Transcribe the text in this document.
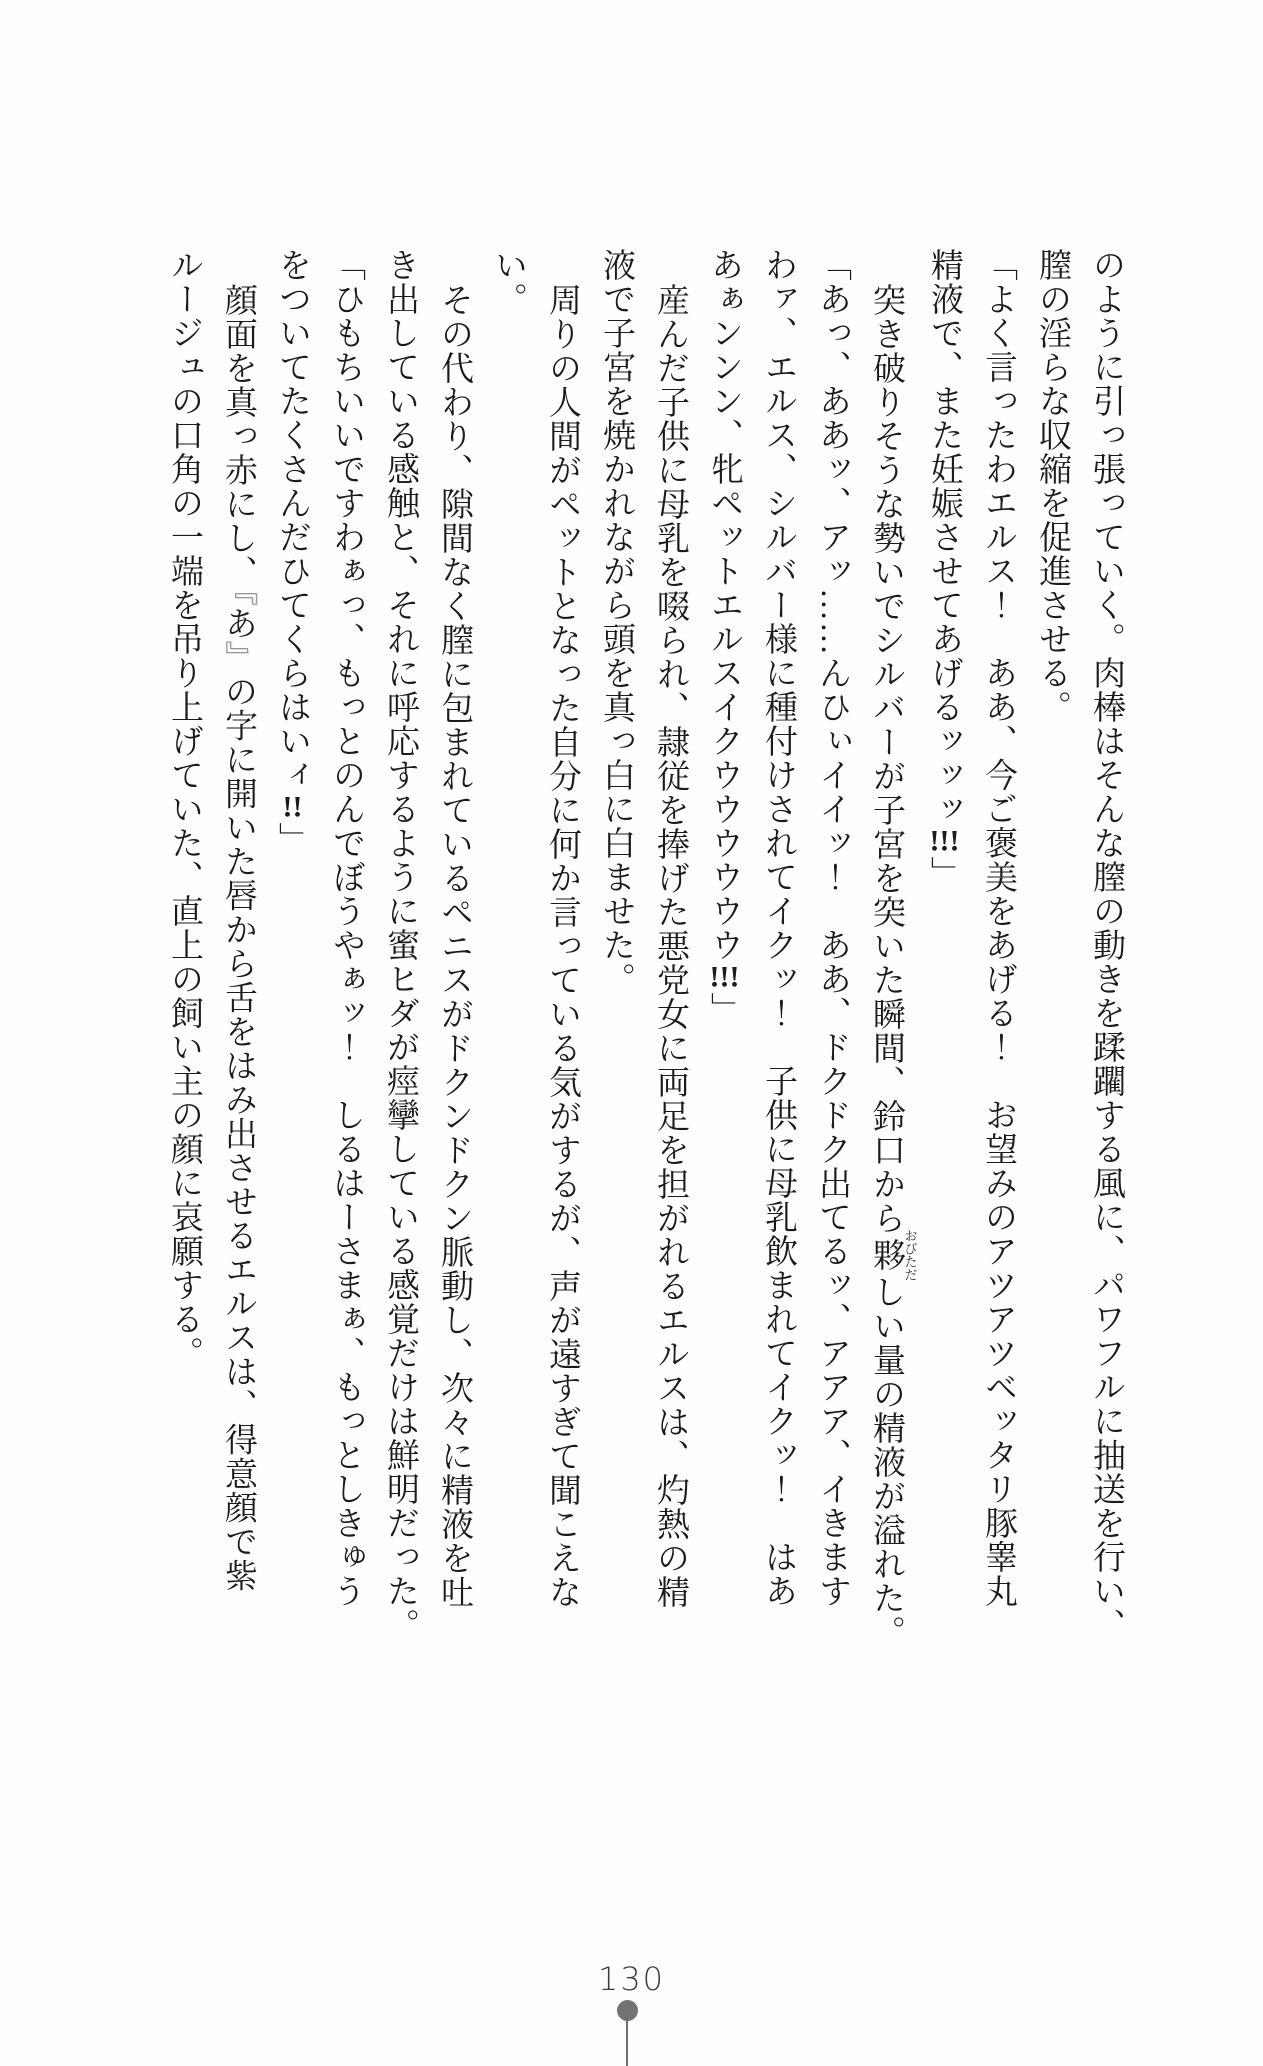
のように引っ張っていく。肉棒はそんな膣の動きを蹂躙する風に、パワフルに抽送を行い、

膣の淫らな収縮を促進させる。

「よく言ったわエルス！　ああ、今ご褒美をあげる！　お望みのアツアツベッタリ豚睾丸

精液で、また妊娠させてあげるッッッ!!!」

突き破りそうな勢いでシルバーが子宮を突いた瞬間、鈴口から夥おびただしい量の精液が溢れた。

「あっ、ああッ、アッ……んひぃイイッ！　ああ、ドクドク出てるッ、アアア、イきます

わァ、エルス、シルバー様に種付けされてイクッ！　子供に母乳飲まれてイクッ！　はあ

あぁンンン、牝ペットエルスイクウウウウウウ!!!」

産んだ子供に母乳を啜られ、隷従を捧げた悪党女に両足を担がれるエルスは、灼熱の精

液で子宮を焼かれながら頭を真っ白に白ませた。

周りの人間がペットとなった自分に何か言っている気がするが、声が遠すぎて聞こえな

い。

その代わり、隙間なく膣に包まれているペニスがドクンドクン脈動し、次々に精液を吐

き出している感触と、それに呼応するように蜜ヒダが痙攣している感覚だけは鮮明だった。

「ひもちいいですわぁっ、もっとのんでぼうやぁッ！　しるはーさまぁ、もっとしきゅう

をついてたくさんだひてくらはいィ!!」

顔面を真っ赤にし、『あ』の字に開いた唇から舌をはみ出させるエルスは、得意顔で紫

ルージュの口角の一端を吊り上げていた、直上の飼い主の顔に哀願する。

130
